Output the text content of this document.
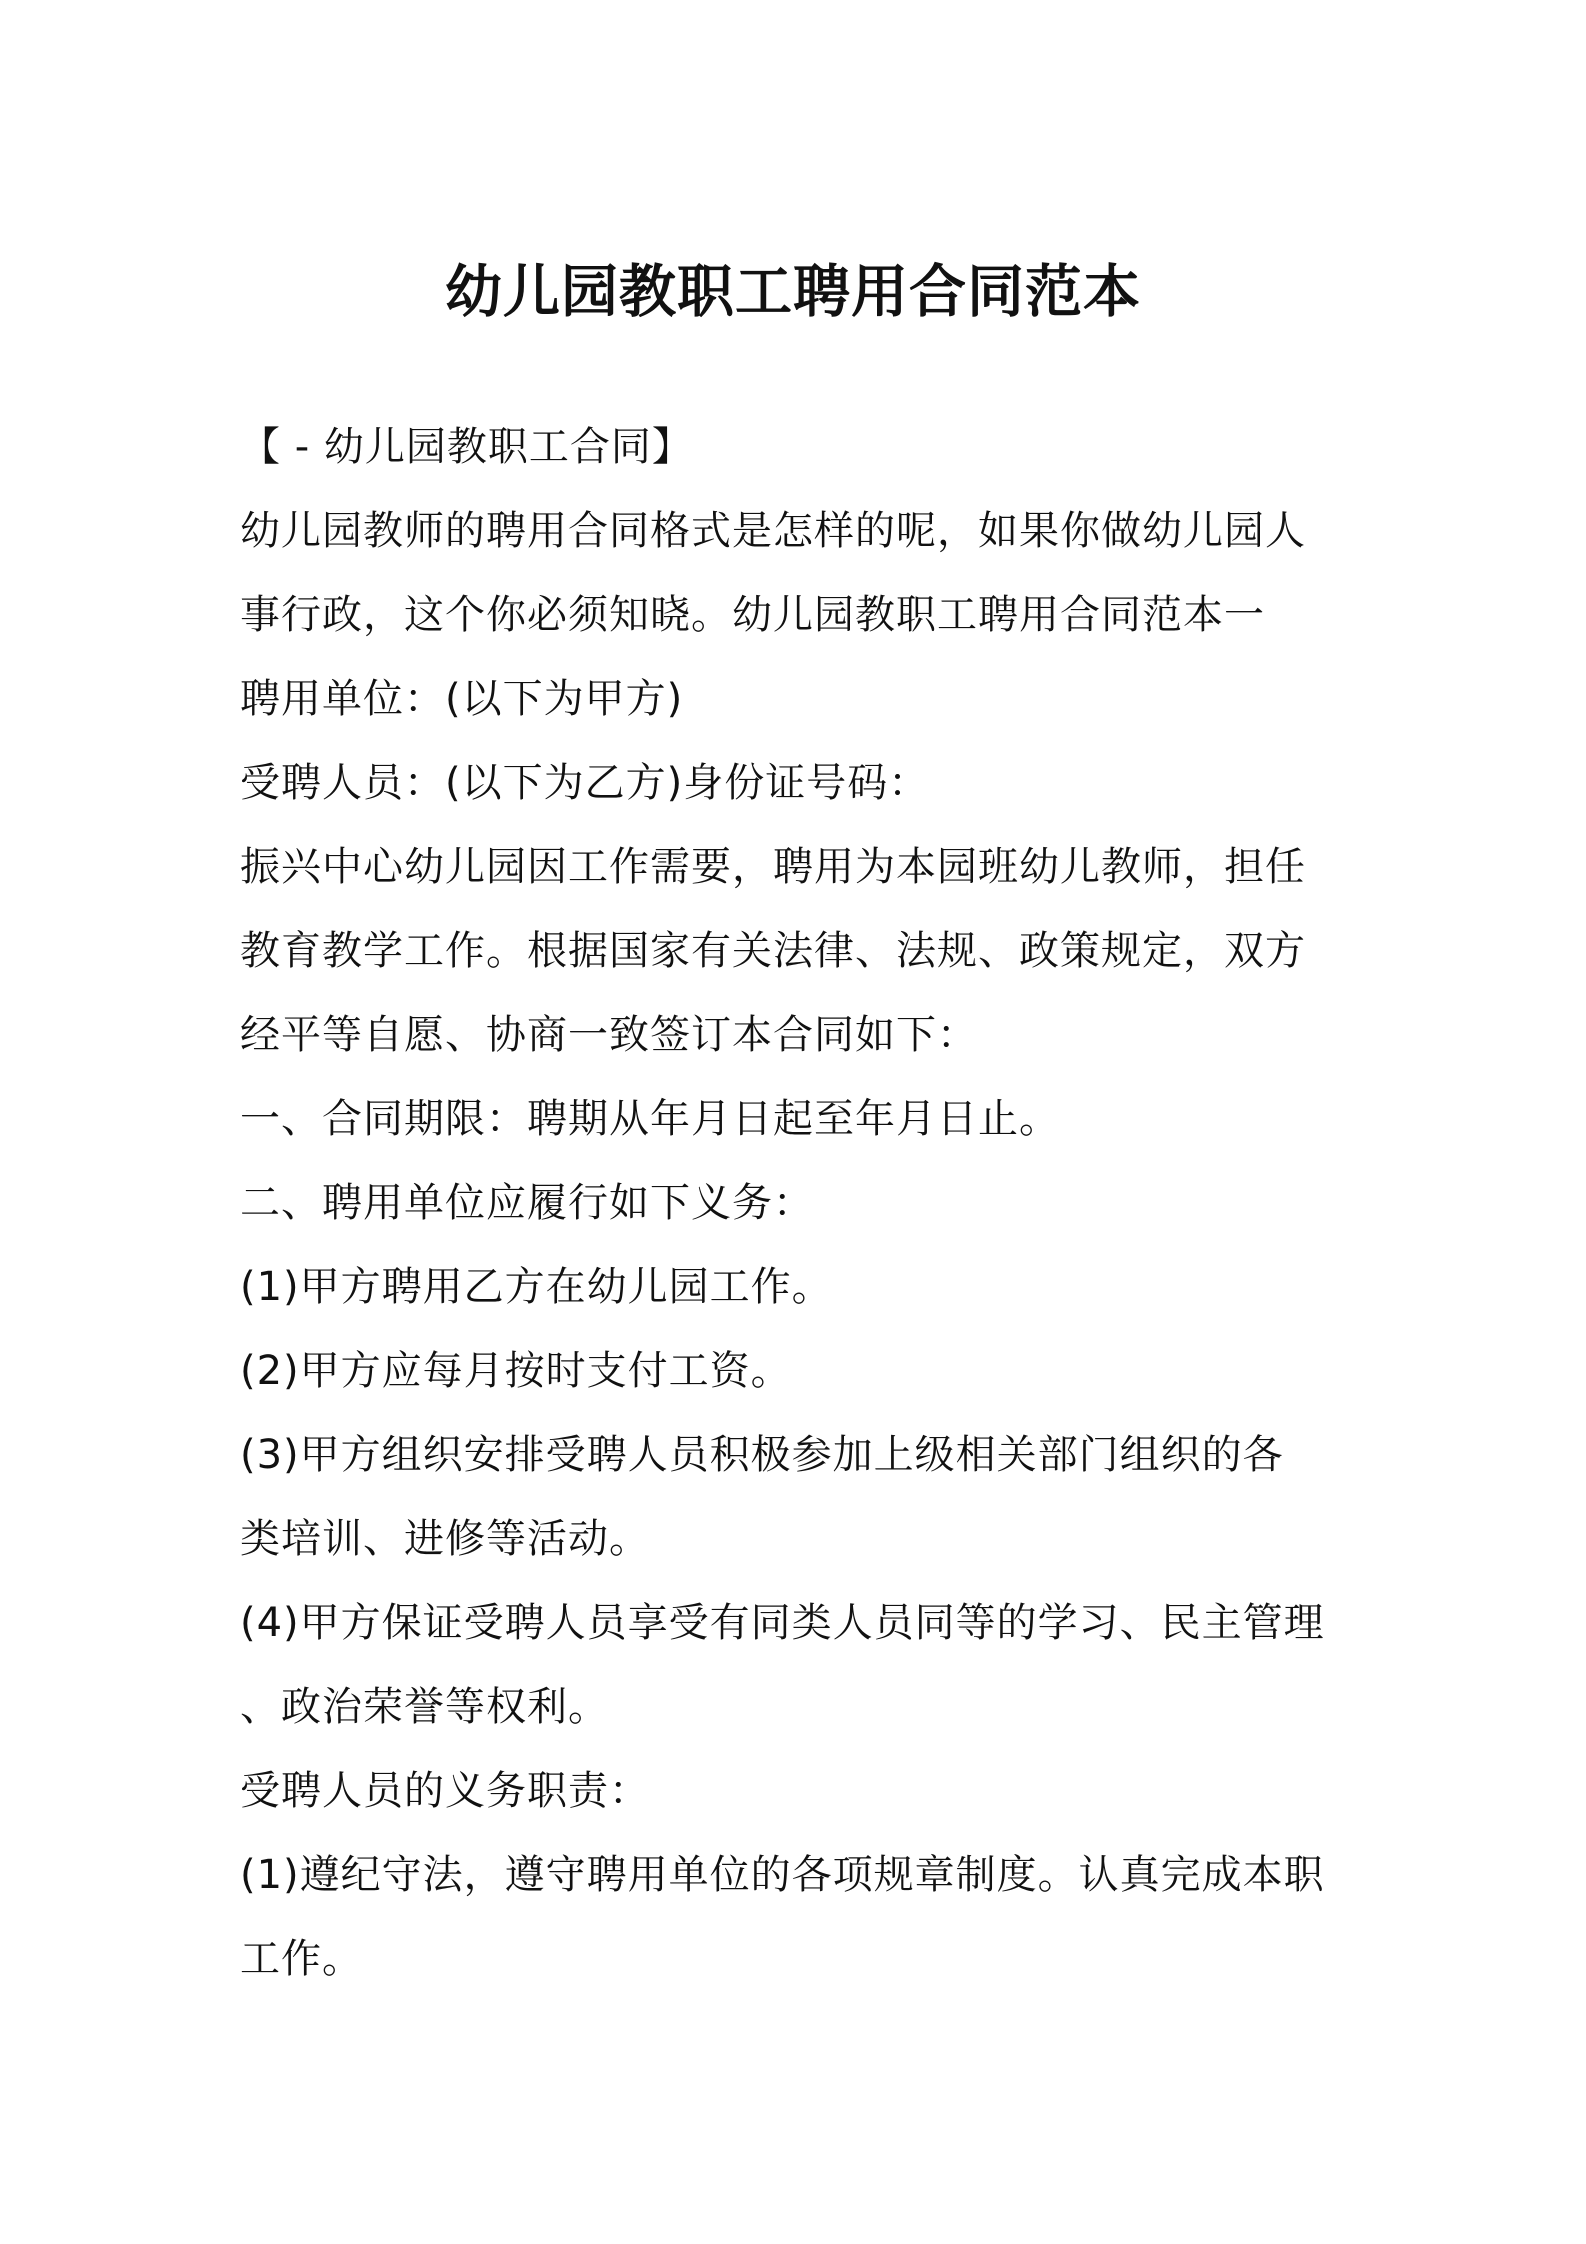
幼儿园教职工聘用合同范本

【 - 幼儿园教职工合同】

幼儿园教师的聘用合同格式是怎样的呢，如果你做幼儿园人

事行政，这个你必须知晓。幼儿园教职工聘用合同范本一

聘用单位：(以下为甲方)

受聘人员：(以下为乙方)身份证号码：

振兴中心幼儿园因工作需要，聘用为本园班幼儿教师，担任

教育教学工作。根据国家有关法律、法规、政策规定，双方

经平等自愿、协商一致签订本合同如下：

一、合同期限：聘期从年月日起至年月日止。

二、聘用单位应履行如下义务：

(1)甲方聘用乙方在幼儿园工作。

(2)甲方应每月按时支付工资。

(3)甲方组织安排受聘人员积极参加上级相关部门组织的各

类培训、进修等活动。

(4)甲方保证受聘人员享受有同类人员同等的学习、民主管理

、政治荣誉等权利。

受聘人员的义务职责：

(1)遵纪守法，遵守聘用单位的各项规章制度。认真完成本职

工作。
